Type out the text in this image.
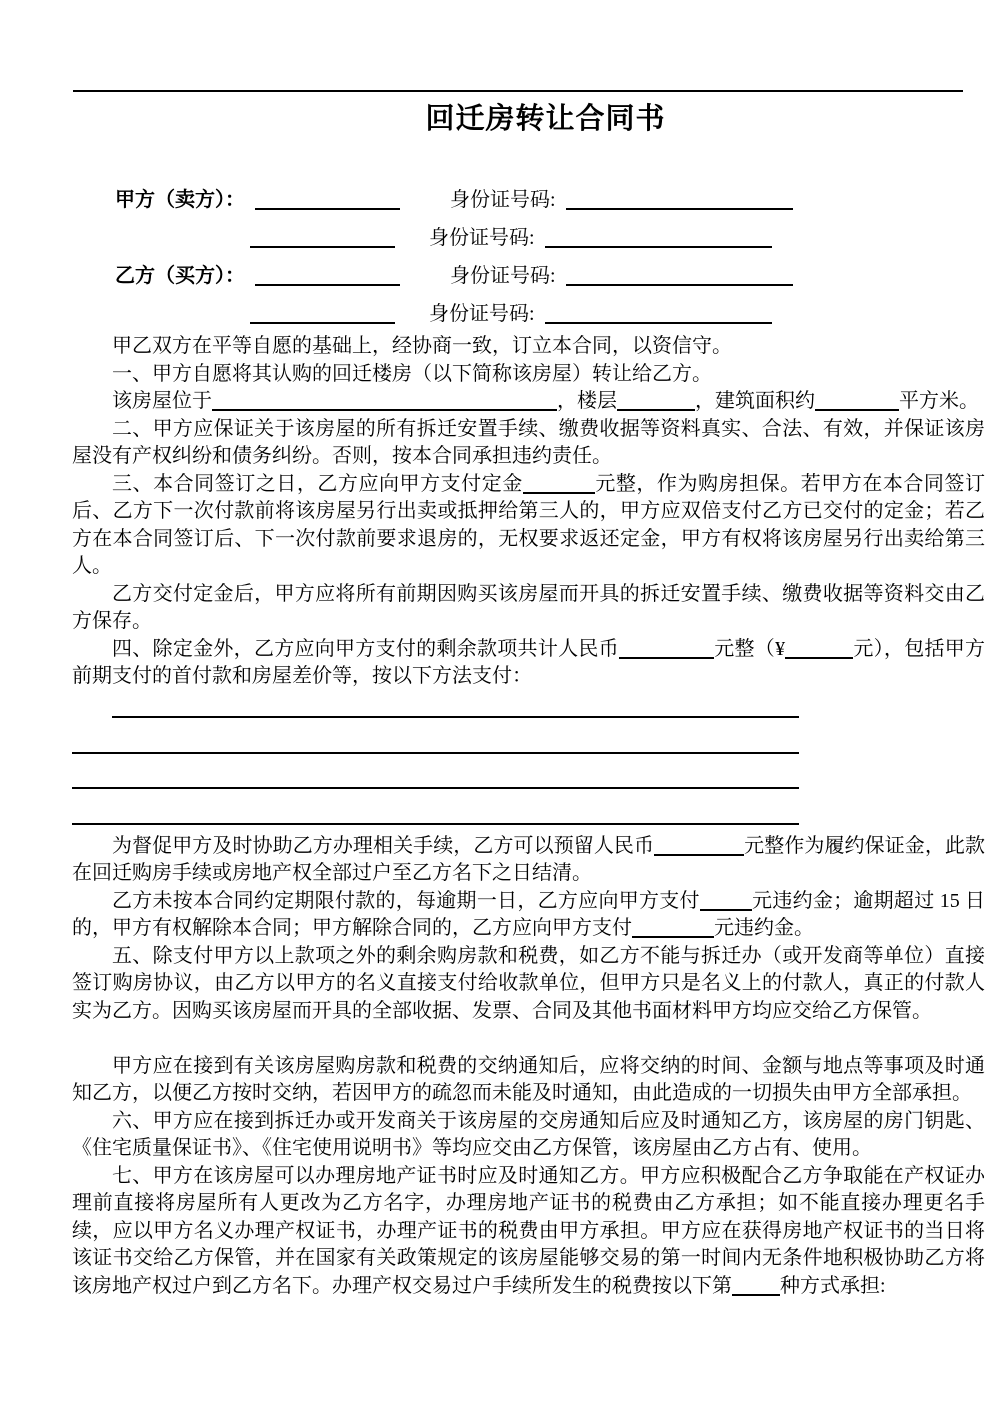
回迁房转让合同书
甲方（卖方）：	身份证号码:
身份证号码:
乙方（买方）：	身份证号码:
身份证号码:

甲乙双方在平等自愿的基础上，经协商一致，订立本合同，以资信守。

一、甲方自愿将其认购的回迁楼房（以下简称该房屋）转让给乙方。

该房屋位于	，楼层	，建筑面积约	平方米。

二、甲方应保证关于该房屋的所有拆迁安置手续、缴费收据等资料真实、合法、有效，并保证该房屋没有产权纠纷和债务纠纷。否则，按本合同承担违约责任。

三、本合同签订之日，乙方应向甲方支付定金	元整，作为购房担保。若甲方在本合同签订后、乙方下一次付款前将该房屋另行出卖或抵押给第三人的，甲方应双倍支付乙方已交付的定金；若乙方在本合同签订后、下一次付款前要求退房的，无权要求返还定金，甲方有权将该房屋另行出卖给第三人。

乙方交付定金后，甲方应将所有前期因购买该房屋而开具的拆迁安置手续、缴费收据等资料交由乙方保存。

四、除定金外，乙方应向甲方支付的剩余款项共计人民币	元整（¥	元），包括甲方前期支付的首付款和房屋差价等，按以下方法支付：

为督促甲方及时协助乙方办理相关手续，乙方可以预留人民币	元整作为履约保证金，此款在回迁购房手续或房地产权全部过户至乙方名下之日结清。

乙方未按本合同约定期限付款的，每逾期一日，乙方应向甲方支付	元违约金；逾期超过 15 日的，甲方有权解除本合同；甲方解除合同的，乙方应向甲方支付	元违约金。

五、除支付甲方以上款项之外的剩余购房款和税费，如乙方不能与拆迁办（或开发商等单位）直接签订购房协议，由乙方以甲方的名义直接支付给收款单位，但甲方只是名义上的付款人，真正的付款人实为乙方。因购买该房屋而开具的全部收据、发票、合同及其他书面材料甲方均应交给乙方保管。

甲方应在接到有关该房屋购房款和税费的交纳通知后，应将交纳的时间、金额与地点等事项及时通知乙方，以便乙方按时交纳，若因甲方的疏忽而未能及时通知，由此造成的一切损失由甲方全部承担。

六、甲方应在接到拆迁办或开发商关于该房屋的交房通知后应及时通知乙方，该房屋的房门钥匙、《住宅质量保证书》、《住宅使用说明书》等均应交由乙方保管，该房屋由乙方占有、使用。

七、甲方在该房屋可以办理房地产证书时应及时通知乙方。甲方应积极配合乙方争取能在产权证办理前直接将房屋所有人更改为乙方名字，办理房地产证书的税费由乙方承担；如不能直接办理更名手续，应以甲方名义办理产权证书，办理产证书的税费由甲方承担。甲方应在获得房地产权证书的当日将该证书交给乙方保管，并在国家有关政策规定的该房屋能够交易的第一时间内无条件地积极协助乙方将该房地产权过户到乙方名下。办理产权交易过户手续所发生的税费按以下第 种方式承担:
